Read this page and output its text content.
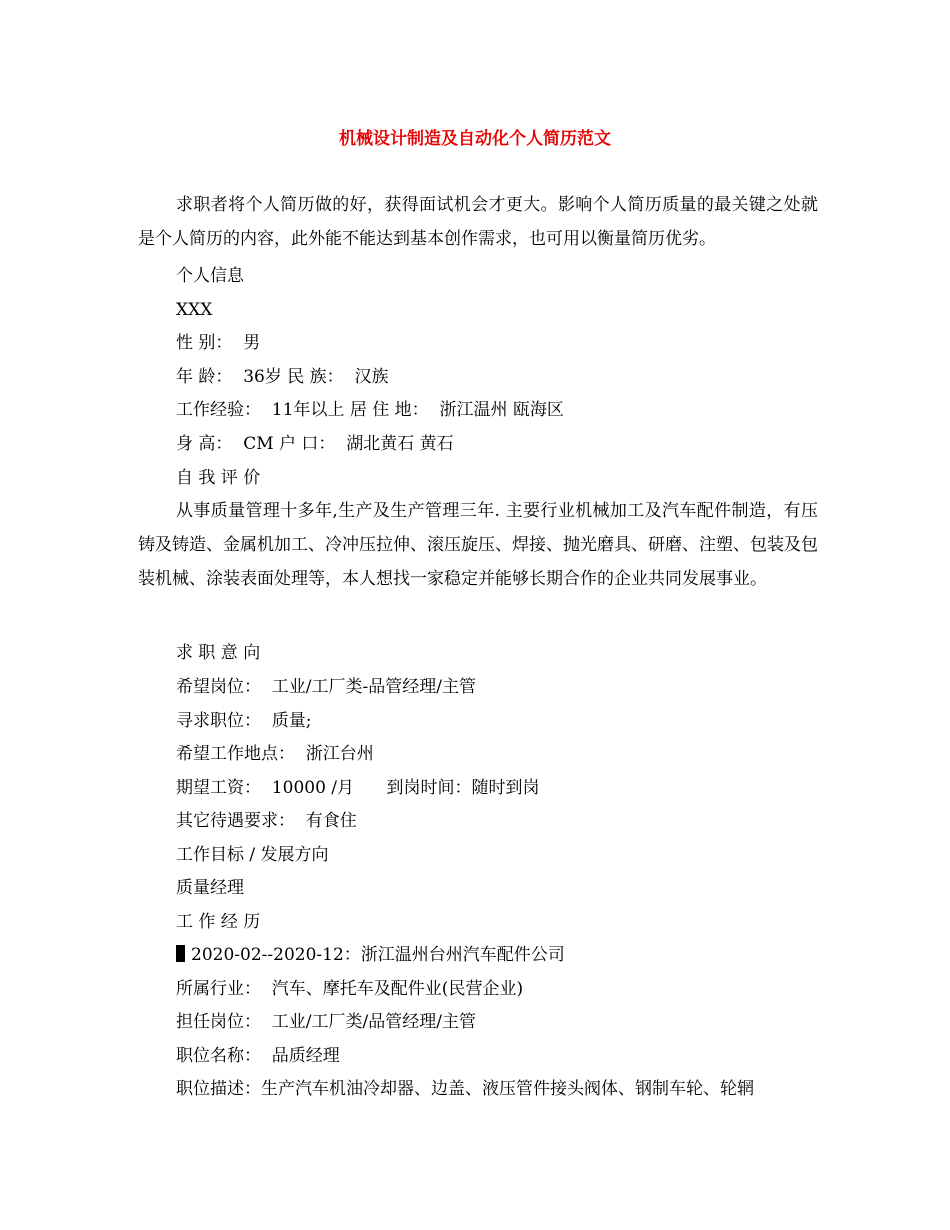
机械设计制造及自动化个人简历范文

求职者将个人简历做的好，获得面试机会才更大。影响个人简历质量的最关键之处就是个人简历的内容，此外能不能达到基本创作需求，也可用以衡量简历优劣。

个人信息

XXX

性 别：  男

年 龄：  36岁 民 族：  汉族

工作经验：  11年以上 居 住 地：  浙江温州 瓯海区

身 高：  CM 户 口：  湖北黄石 黄石

自 我 评 价

从事质量管理十多年,生产及生产管理三年. 主要行业机械加工及汽车配件制造，有压铸及铸造、金属机加工、冷冲压拉伸、滚压旋压、焊接、抛光磨具、研磨、注塑、包装及包装机械、涂装表面处理等，本人想找一家稳定并能够长期合作的企业共同发展事业。

求 职 意 向

希望岗位：  工业/工厂类-品管经理/主管

寻求职位：  质量;

希望工作地点：  浙江台州

期望工资：  10000 /月      到岗时间：随时到岗

其它待遇要求：  有食住

工作目标 / 发展方向

质量经理

工 作 经 历

2020-02--2020-12：浙江温州台州汽车配件公司

所属行业：  汽车、摩托车及配件业(民营企业)

担任岗位：  工业/工厂类/品管经理/主管

职位名称：  品质经理

职位描述：生产汽车机油冷却器、边盖、液压管件接头阀体、钢制车轮、轮辋
